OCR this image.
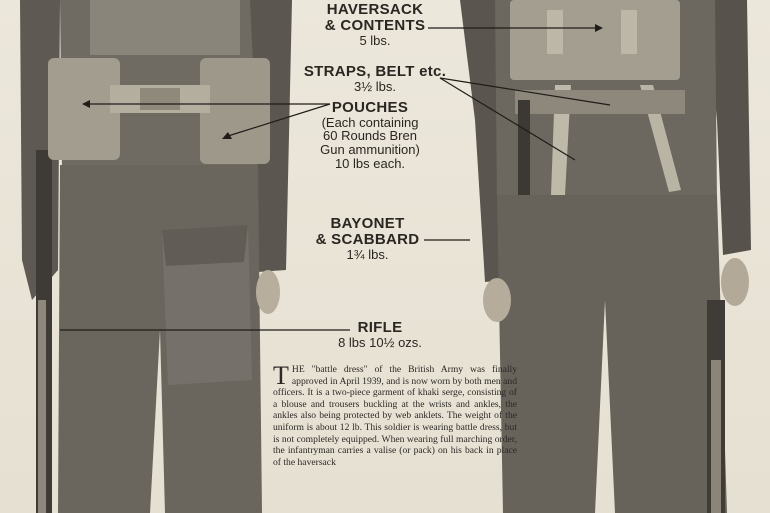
HAVERSACK
& CONTENTS
5 lbs.
STRAPS, BELT etc.
3½ lbs.
POUCHES
(Each containing
60 Rounds Bren
Gun ammunition)
10 lbs each.
BAYONET
& SCABBARD
1¾ lbs.
RIFLE
8 lbs 10½ ozs.
THE "battle dress" of the British Army was finally approved in April 1939, and is now worn by both men and officers. It is a two-piece garment of khaki serge, consisting of a blouse and trousers buckling at the wrists and ankles, the ankles also being protected by web anklets. The weight of the uniform is about 12 lb. This soldier is wearing battle dress, but is not completely equipped. When wearing full marching order, the infantryman carries a valise (or pack) on his back in place of the haversack
